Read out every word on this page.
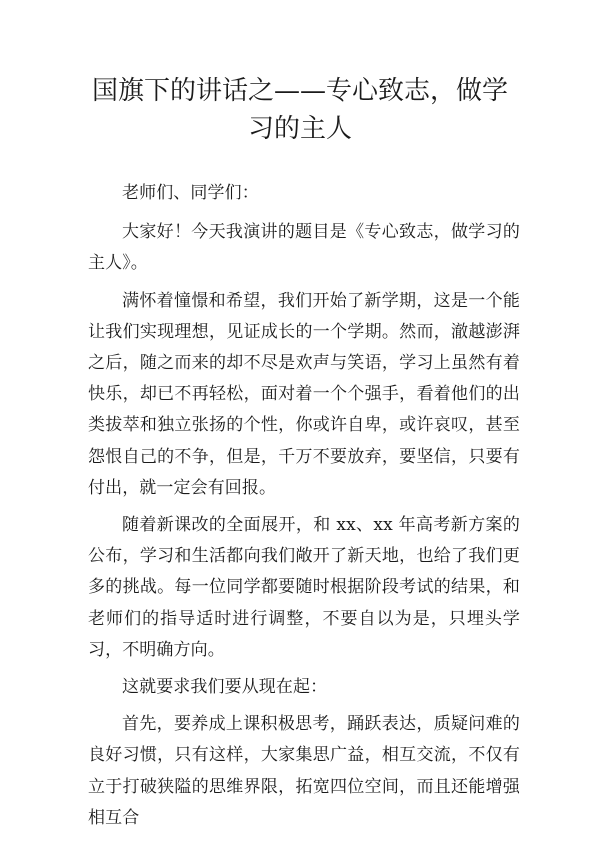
国旗下的讲话之——专心致志，做学习的主人

老师们、同学们：

大家好！今天我演讲的题目是《专心致志，做学习的主人》。

满怀着憧憬和希望，我们开始了新学期，这是一个能让我们实现理想，见证成长的一个学期。然而，澈越澎湃之后，随之而来的却不尽是欢声与笑语，学习上虽然有着快乐，却已不再轻松，面对着一个个强手，看着他们的出类拔萃和独立张扬的个性，你或许自卑，或许哀叹，甚至怨恨自己的不争，但是，千万不要放弃，要坚信，只要有付出，就一定会有回报。

随着新课改的全面展开，和 xx、xx 年高考新方案的公布，学习和生活都向我们敞开了新天地，也给了我们更多的挑战。每一位同学都要随时根据阶段考试的结果，和老师们的指导适时进行调整，不要自以为是，只埋头学习，不明确方向。

这就要求我们要从现在起：

首先，要养成上课积极思考，踊跃表达，质疑问难的良好习惯，只有这样，大家集思广益，相互交流，不仅有立于打破狭隘的思维界限，拓宽四位空间，而且还能增强相互合
